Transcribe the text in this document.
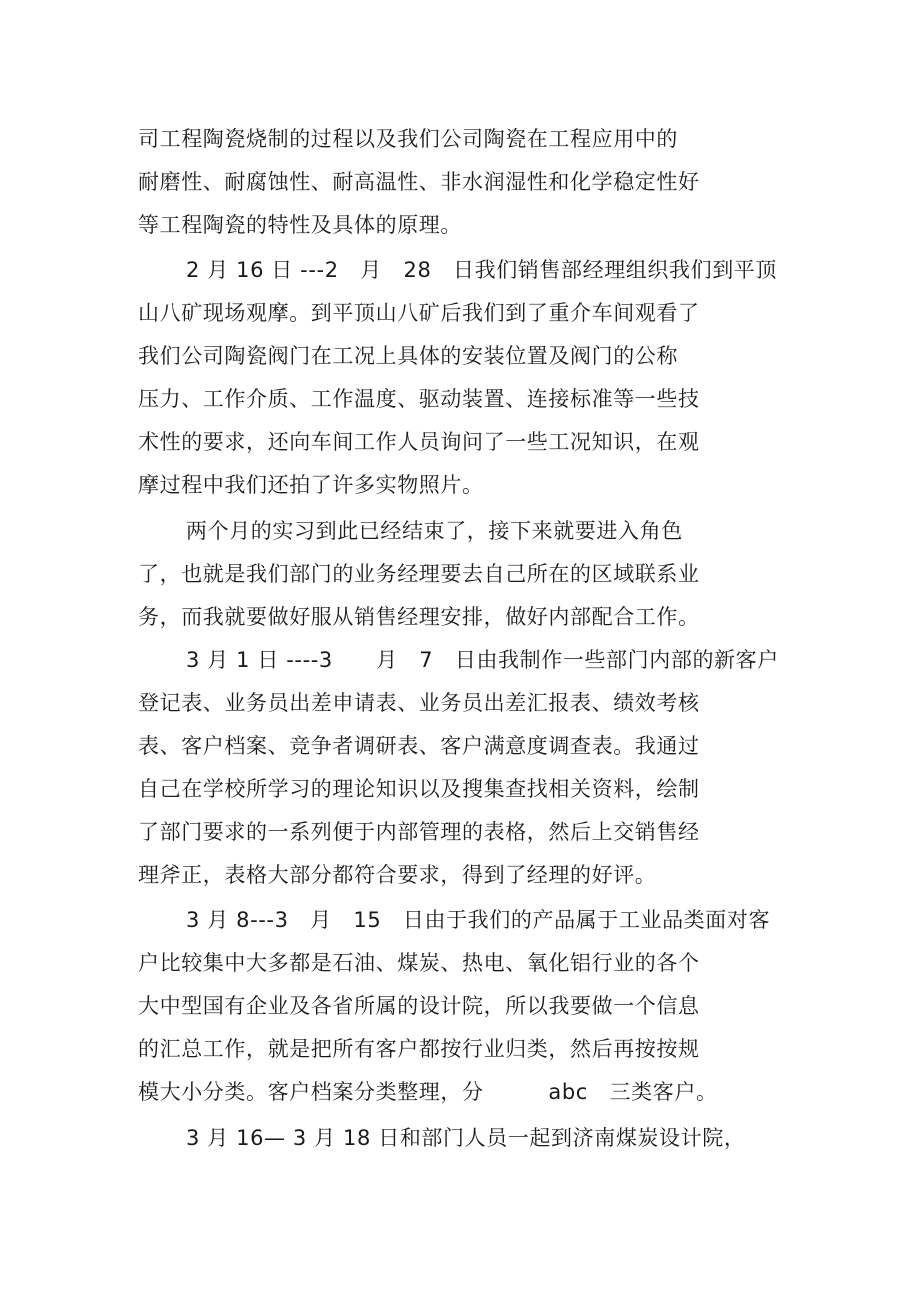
司工程陶瓷烧制的过程以及我们公司陶瓷在工程应用中的
耐磨性、耐腐蚀性、耐高温性、非水润湿性和化学稳定性好
等工程陶瓷的特性及具体的原理。
2 月 16 日 ---2　月　28　日我们销售部经理组织我们到平顶
山八矿现场观摩。到平顶山八矿后我们到了重介车间观看了
我们公司陶瓷阀门在工况上具体的安装位置及阀门的公称
压力、工作介质、工作温度、驱动装置、连接标准等一些技
术性的要求，还向车间工作人员询问了一些工况知识，在观
摩过程中我们还拍了许多实物照片。
两个月的实习到此已经结束了，接下来就要进入角色
了，也就是我们部门的业务经理要去自己所在的区域联系业
务，而我就要做好服从销售经理安排，做好内部配合工作。
3 月 1 日 ----3　　月　7　日由我制作一些部门内部的新客户
登记表、业务员出差申请表、业务员出差汇报表、绩效考核
表、客户档案、竞争者调研表、客户满意度调查表。我通过
自己在学校所学习的理论知识以及搜集查找相关资料，绘制
了部门要求的一系列便于内部管理的表格，然后上交销售经
理斧正，表格大部分都符合要求，得到了经理的好评。
3 月 8---3　月　15　日由于我们的产品属于工业品类面对客
户比较集中大多都是石油、煤炭、热电、氧化铝行业的各个
大中型国有企业及各省所属的设计院，所以我要做一个信息
的汇总工作，就是把所有客户都按行业归类，然后再按按规
模大小分类。客户档案分类整理，分　　　abc　三类客户。
3 月 16— 3 月 18 日和部门人员一起到济南煤炭设计院，
